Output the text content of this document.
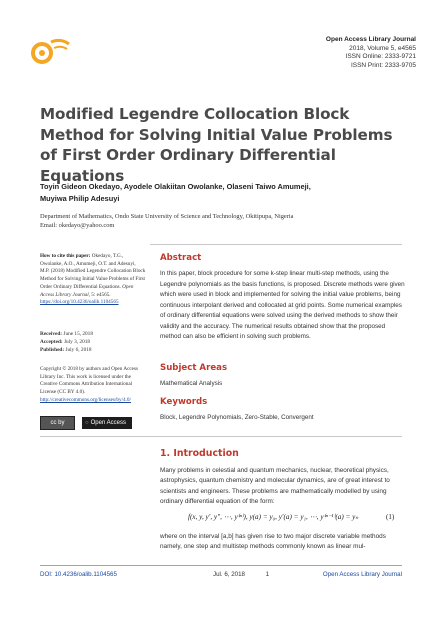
Open Access Library Journal
2018, Volume 5, e4565
ISSN Online: 2333-9721
ISSN Print: 2333-9705
Modified Legendre Collocation Block Method for Solving Initial Value Problems of First Order Ordinary Differential Equations
Toyin Gideon Okedayo, Ayodele Olakiitan Owolanke, Olaseni Taiwo Amumeji,
Muyiwa Philip Adesuyi
Department of Mathematics, Ondo State University of Science and Technology, Okitipupa, Nigeria
Email: okedayo@yahoo.com
How to cite this paper: Okedayo, T.G., Owolanke, A.O., Amumeji, O.T. and Adesuyi, M.P. (2018) Modified Legendre Collocation Block Method for Solving Initial Value Problems of First Order Ordinary Differential Equations. Open Access Library Journal, 5: e4565.
https://doi.org/10.4236/oalib.1104565
Received: June 15, 2018
Accepted: July 3, 2018
Published: July 6, 2018
Copyright © 2018 by authors and Open Access Library Inc. This work is licensed under the Creative Commons Attribution International License (CC BY 4.0).
http://creativecommons.org/licenses/by/4.0/
cc by	○ Open Access
Abstract
In this paper, block procedure for some k-step linear multi-step methods, using the Legendre polynomials as the basis functions, is proposed. Discrete methods were given which were used in block and implemented for solving the initial value problems, being continuous interpolant derived and collocated at grid points. Some numerical examples of ordinary differential equations were solved using the derived methods to show their validity and the accuracy. The numerical results obtained show that the proposed method can also be efficient in solving such problems.
Subject Areas
Mathematical Analysis
Keywords
Block, Legendre Polynomials, Zero-Stable, Convergent
1. Introduction
Many problems in celestial and quantum mechanics, nuclear, theoretical physics, astrophysics, quantum chemistry and molecular dynamics, are of great interest to scientists and engineers. These problems are mathematically modelled by using ordinary differential equation of the form:
f(x, y, y′, y″, ⋯, y⁽ⁿ⁾), y(a) = y₀, y′(a) = y₁, ⋯, y⁽ⁿ⁻¹⁾(a) = yₙ	(1)
where on the interval [a,b] has given rise to two major discrete variable methods namely, one step and multistep methods commonly known as linear mul-
DOI: 10.4236/oalib.1104565	Jul. 6, 2018	1	Open Access Library Journal
